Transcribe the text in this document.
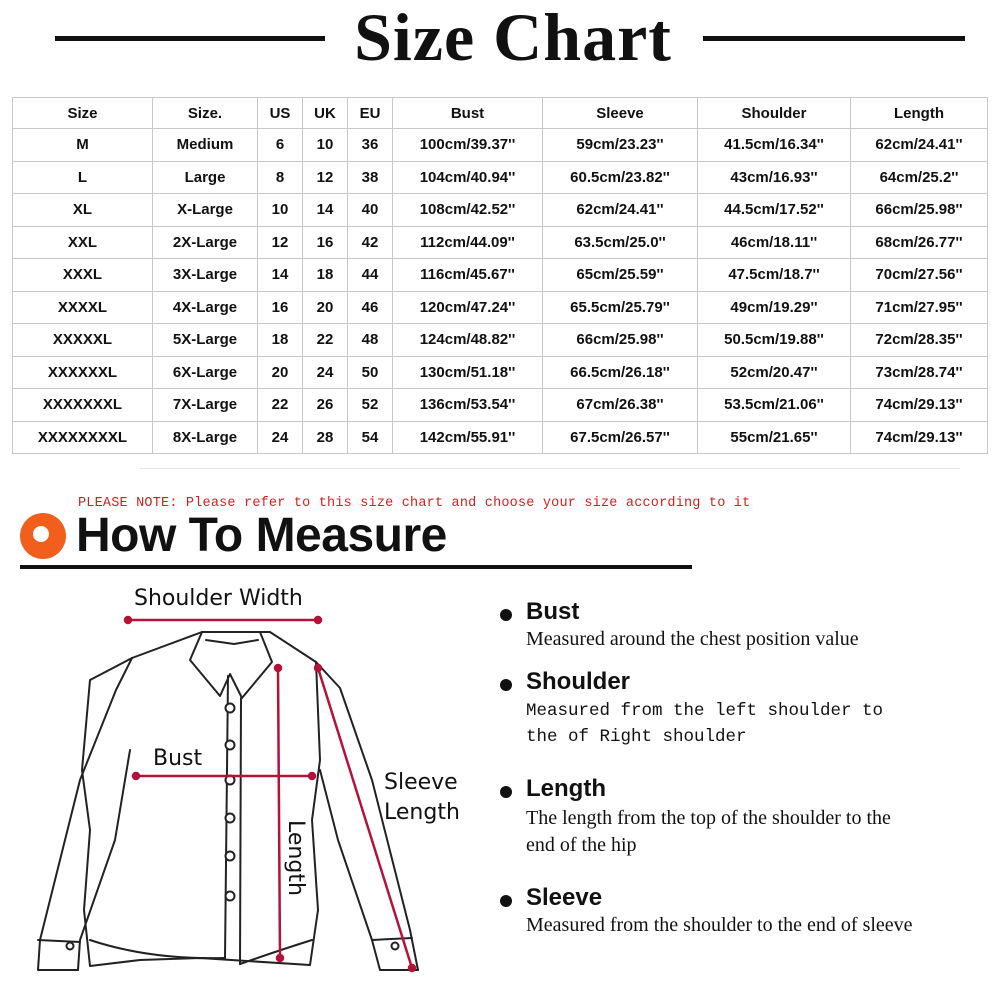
Size Chart
Size	Size.	US	UK	EU	Bust	Sleeve	Shoulder	Length
M	Medium	6	10	36	100cm/39.37''	59cm/23.23''	41.5cm/16.34''	62cm/24.41''
L	Large	8	12	38	104cm/40.94''	60.5cm/23.82''	43cm/16.93''	64cm/25.2''
XL	X-Large	10	14	40	108cm/42.52''	62cm/24.41''	44.5cm/17.52''	66cm/25.98''
XXL	2X-Large	12	16	42	112cm/44.09''	63.5cm/25.0''	46cm/18.11''	68cm/26.77''
XXXL	3X-Large	14	18	44	116cm/45.67''	65cm/25.59''	47.5cm/18.7''	70cm/27.56''
XXXXL	4X-Large	16	20	46	120cm/47.24''	65.5cm/25.79''	49cm/19.29''	71cm/27.95''
XXXXXL	5X-Large	18	22	48	124cm/48.82''	66cm/25.98''	50.5cm/19.88''	72cm/28.35''
XXXXXXL	6X-Large	20	24	50	130cm/51.18''	66.5cm/26.18''	52cm/20.47''	73cm/28.74''
XXXXXXXL	7X-Large	22	26	52	136cm/53.54''	67cm/26.38''	53.5cm/21.06''	74cm/29.13''
XXXXXXXXL	8X-Large	24	28	54	142cm/55.91''	67.5cm/26.57''	55cm/21.65''	74cm/29.13''
PLEASE NOTE: Please refer to this size chart and choose your size according to it
How To Measure
Shoulder Width
Bust
Sleeve
Length
Length
Bust
Measured around the chest position value
Shoulder
Measured from the left shoulder to the of Right shoulder
Length
The length from the top of the shoulder to the end of the hip
Sleeve
Measured from the shoulder to the end of sleeve
